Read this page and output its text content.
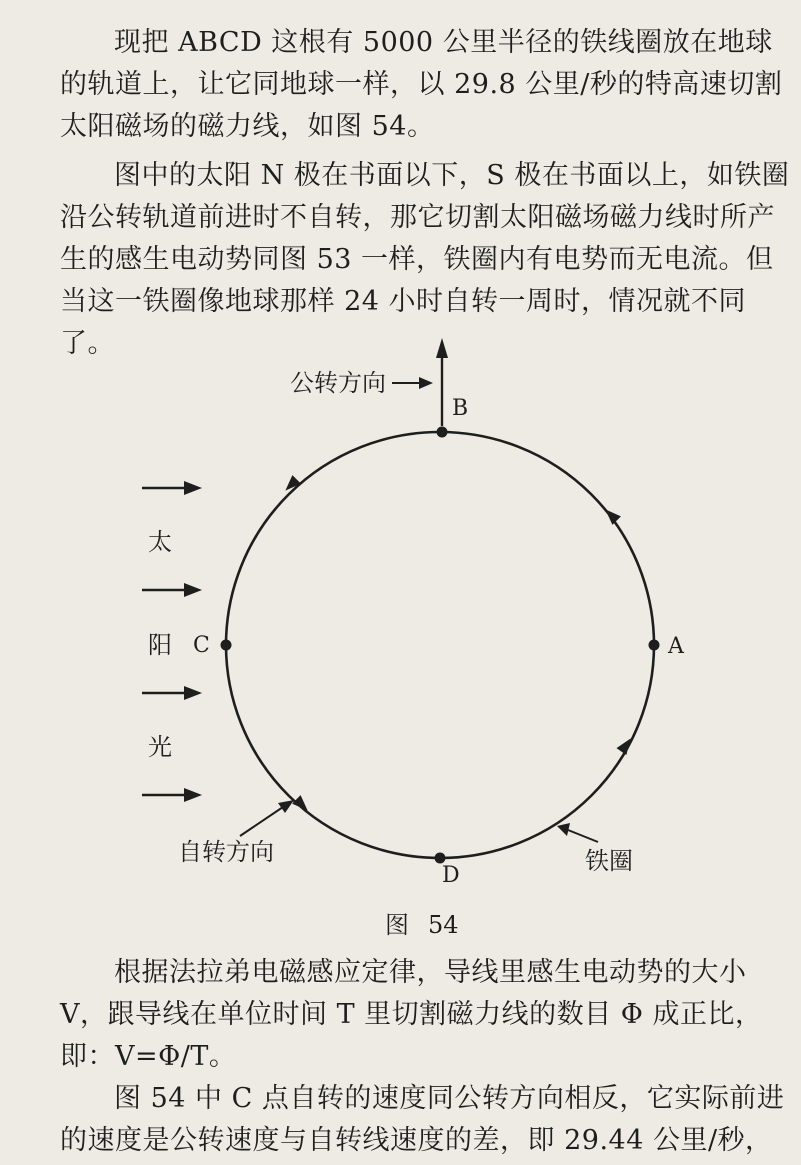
现把 ABCD 这根有 5000 公里半径的铁线圈放在地球的轨道上，让它同地球一样，以 29.8 公里/秒的特高速切割太阳磁场的磁力线，如图 54。

图中的太阳 N 极在书面以下，S 极在书面以上，如铁圈沿公转轨道前进时不自转，那它切割太阳磁场磁力线时所产生的感生电动势同图 53 一样，铁圈内有电势而无电流。但当这一铁圈像地球那样 24 小时自转一周时，情况就不同了。

B
A
D
C
公转方向
太
阳
光
自转方向	铁圈
图 54

根据法拉弟电磁感应定律，导线里感生电动势的大小 V，跟导线在单位时间 T 里切割磁力线的数目 Φ 成正比，即：V=Φ/T。

图 54 中 C 点自转的速度同公转方向相反，它实际前进的速度是公转速度与自转线速度的差，即 29.44 公里/秒，
